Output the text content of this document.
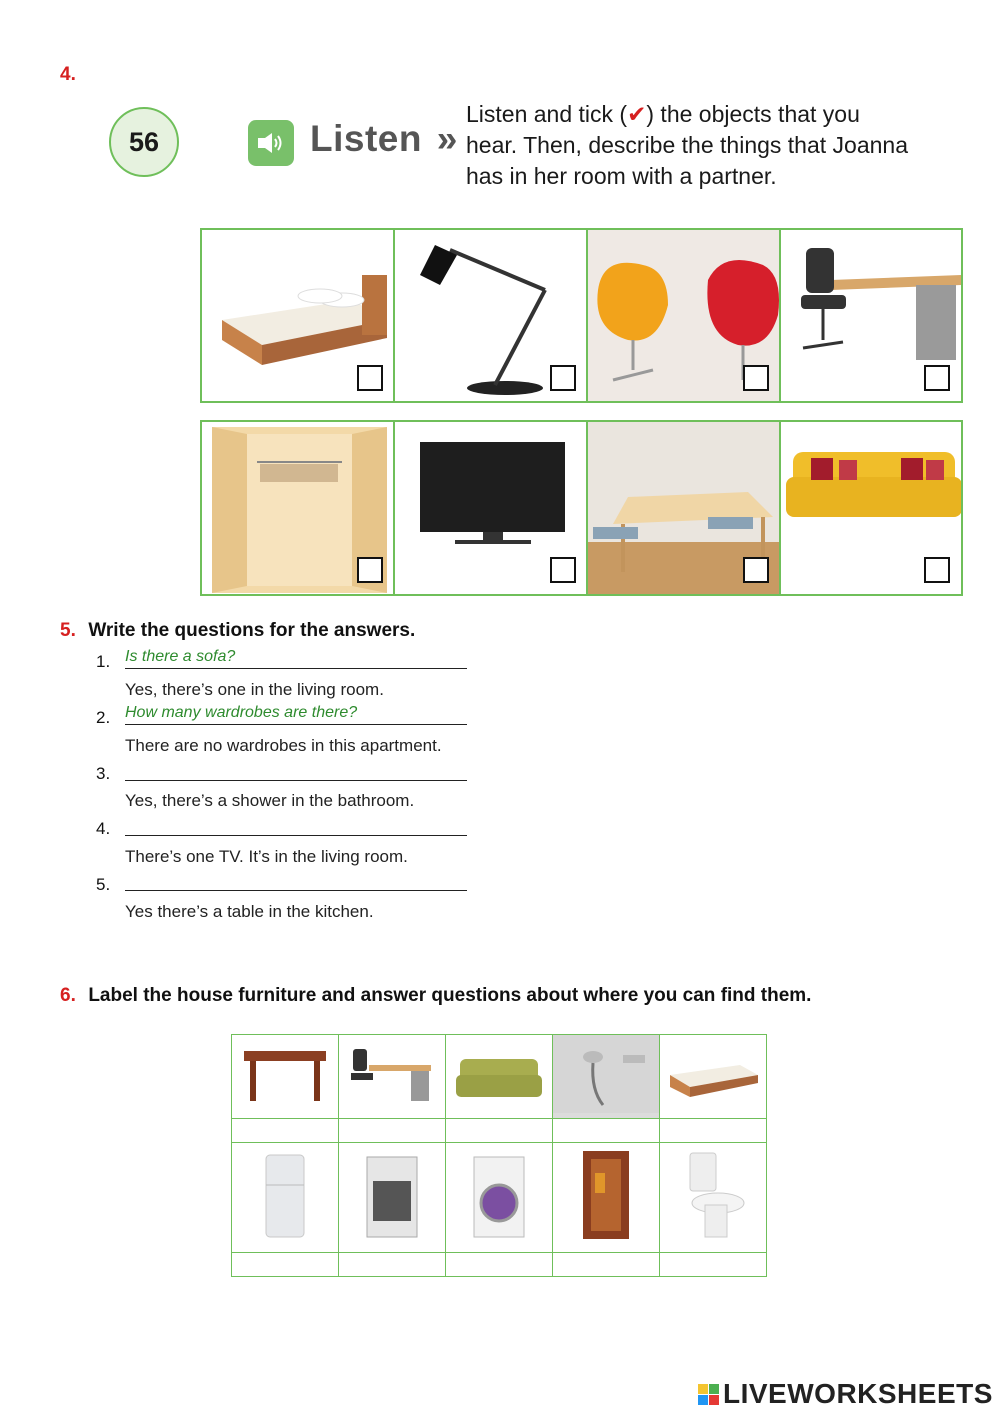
4.
56	Listen »
Listen and tick (✔) the objects that you hear. Then, describe the things that Joanna has in her room with a partner.
5. Write the questions for the answers.
1. Is there a sofa?
Yes, there’s one in the living room.
2. How many wardrobes are there?
There are no wardrobes in this apartment.
3.
Yes, there’s a shower in the bathroom.
4.
There’s one TV. It’s in the living room.
5.
Yes there’s a table in the kitchen.
6. Label the house furniture and answer questions about where you can find them.

LIVEWORKSHEETS
